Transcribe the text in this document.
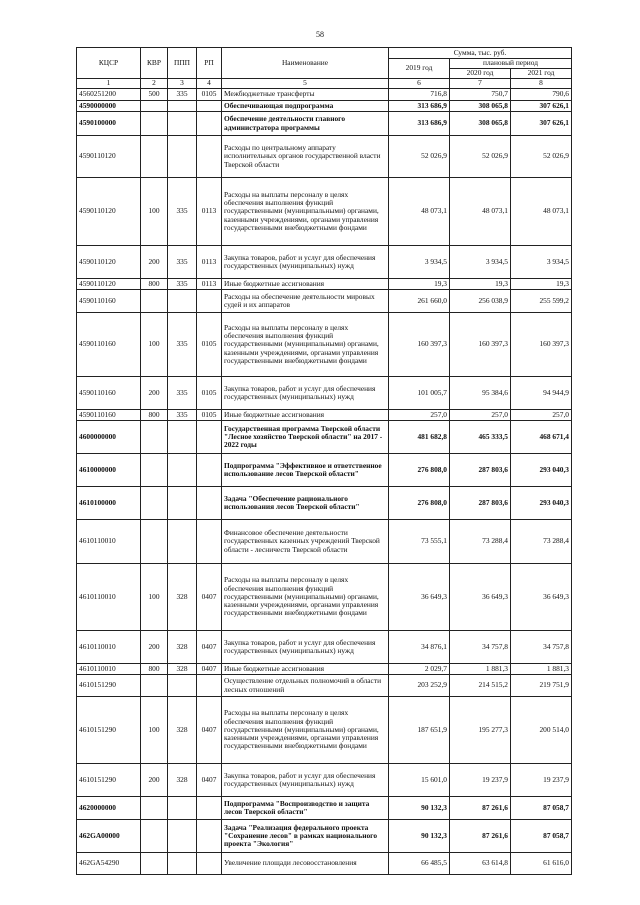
58
КЦСР	КВР	ППП	РП	Наименование	Сумма, тыс. руб.		
					2019 год	плановый период	
						2020 год	2021 год
1	2	3	4	5	6	7	8
4560251200	500	335	0105	Межбюджетные трансферты	716,8	750,7	790,6
4590000000				Обеспечивающая подпрограмма	313 686,9	308 065,8	307 626,1
4590100000				Обеспечение деятельности главного администратора программы	313 686,9	308 065,8	307 626,1
4590110120				Расходы по центральному аппарату исполнительных органов государственной власти Тверской области	52 026,9	52 026,9	52 026,9
4590110120	100	335	0113	Расходы на выплаты персоналу в целях обеспечения выполнения функций государственными (муниципальными) органами, казенными учреждениями, органами управления государственными внебюджетными фондами	48 073,1	48 073,1	48 073,1
4590110120	200	335	0113	Закупка товаров, работ и услуг для обеспечения государственных (муниципальных) нужд	3 934,5	3 934,5	3 934,5
4590110120	800	335	0113	Иные бюджетные ассигнования	19,3	19,3	19,3
4590110160				Расходы на обеспечение деятельности мировых судей и их аппаратов	261 660,0	256 038,9	255 599,2
4590110160	100	335	0105	Расходы на выплаты персоналу в целях обеспечения выполнения функций государственными (муниципальными) органами, казенными учреждениями, органами управления государственными внебюджетными фондами	160 397,3	160 397,3	160 397,3
4590110160	200	335	0105	Закупка товаров, работ и услуг для обеспечения государственных (муниципальных) нужд	101 005,7	95 384,6	94 944,9
4590110160	800	335	0105	Иные бюджетные ассигнования	257,0	257,0	257,0
4600000000				Государственная программа Тверской области "Лесное хозяйство Тверской области" на 2017 - 2022 годы	481 682,8	465 333,5	468 671,4
4610000000				Подпрограмма "Эффективное и ответственное использование лесов Тверской области"	276 808,0	287 803,6	293 040,3
4610100000				Задача "Обеспечение рационального использования лесов Тверской области"	276 808,0	287 803,6	293 040,3
4610110010				Финансовое обеспечение деятельности государственных казенных учреждений Тверской области - лесничеств Тверской области	73 555,1	73 288,4	73 288,4
4610110010	100	328	0407	Расходы на выплаты персоналу в целях обеспечения выполнения функций государственными (муниципальными) органами, казенными учреждениями, органами управления государственными внебюджетными фондами	36 649,3	36 649,3	36 649,3
4610110010	200	328	0407	Закупка товаров, работ и услуг для обеспечения государственных (муниципальных) нужд	34 876,1	34 757,8	34 757,8
4610110010	800	328	0407	Иные бюджетные ассигнования	2 029,7	1 881,3	1 881,3
4610151290				Осуществление отдельных полномочий в области лесных отношений	203 252,9	214 515,2	219 751,9
4610151290	100	328	0407	Расходы на выплаты персоналу в целях обеспечения выполнения функций государственными (муниципальными) органами, казенными учреждениями, органами управления государственными внебюджетными фондами	187 651,9	195 277,3	200 514,0
4610151290	200	328	0407	Закупка товаров, работ и услуг для обеспечения государственных (муниципальных) нужд	15 601,0	19 237,9	19 237,9
4620000000				Подпрограмма "Воспроизводство и защита лесов Тверской области"	90 132,3	87 261,6	87 058,7
462GA00000				Задача "Реализация федерального проекта "Сохранение лесов" в рамках национального проекта "Экология"	90 132,3	87 261,6	87 058,7
462GA54290				Увеличение площади лесовосстановления	66 485,5	63 614,8	61 616,0
